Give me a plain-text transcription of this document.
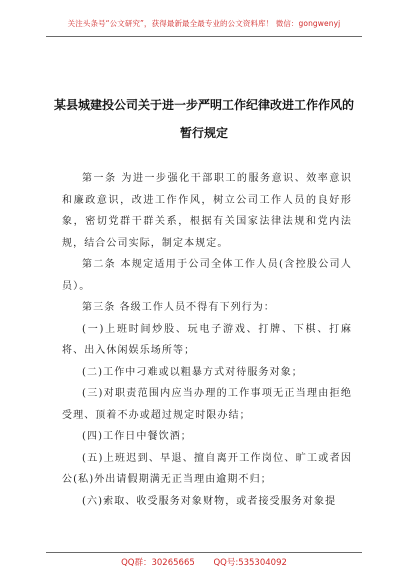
关注头条号“公文研究”，获得最新最全最专业的公文资料库！ 微信：gongwenyj
某县城建投公司关于进一步严明工作纪律改进工作作风的
暂行规定

第一条 为进一步强化干部职工的服务意识、效率意识和廉政意识，改进工作作风，树立公司工作人员的良好形象，密切党群干群关系，根据有关国家法律法规和党内法规，结合公司实际，制定本规定。

第二条 本规定适用于公司全体工作人员(含控股公司人员）。

第三条 各级工作人员不得有下列行为：

(一)上班时间炒股、玩电子游戏、打牌、下棋、打麻将、出入休闲娱乐场所等；

(二)工作中刁难或以粗暴方式对待服务对象；

(三)对职责范围内应当办理的工作事项无正当理由拒绝受理、顶着不办或超过规定时限办结；

(四)工作日中餐饮酒；

(五)上班迟到、早退、擅自离开工作岗位、旷工或者因公(私)外出请假期满无正当理由逾期不归；

(六)索取、收受服务对象财物，或者接受服务对象提

QQ群：30265665 QQ号:535304092
